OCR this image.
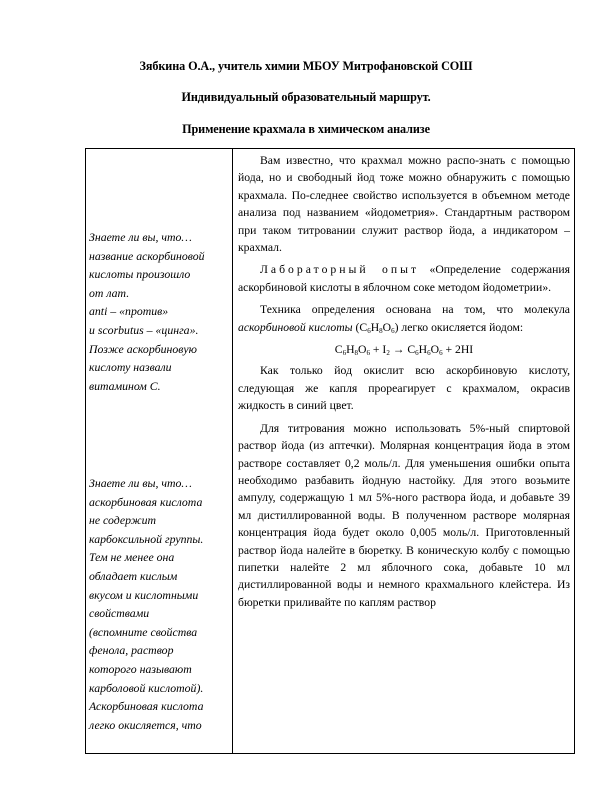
Зябкина О.А., учитель химии МБОУ Митрофановской СОШ
Индивидуальный образовательный маршрут.
Применение крахмала в химическом анализе
Знаете ли вы, что…
название аскорбиновой
кислоты произошло
от лат.
anti – «против»
и scorbutus – «цинга».
Позже аскорбиновую
кислоту назвали
витамином С.
Знаете ли вы, что…
аскорбиновая кислота
не содержит
карбоксильной группы.
Тем не менее она
обладает кислым
вкусом и кислотными
свойствами
(вспомните свойства
фенола, раствор
которого называют
карболовой кислотой).
Аскорбиновая кислота
легко окисляется, что

Вам известно, что крахмал можно распо-знать с помощью йода, но и свободный йод тоже можно обнаружить с помощью крахмала. По-следнее свойство используется в объемном методе анализа под названием «йодометрия». Стандартным раствором при таком титровании служит раствор йода, а индикатором – крахмал.

Лабораторный опыт «Определение содержания аскорбиновой кислоты в яблочном соке методом йодометрии».

Техника определения основана на том, что молекула аскорбиновой кислоты $(C_6H_8O_6)$ легко окисляется йодом:

$C_6H_8O_6 + I_2 \to C_6H_6O_6 + 2HI$

Как только йод окислит всю аскорбиновую кислоту, следующая же капля прореагирует с крахмалом, окрасив жидкость в синий цвет.

Для титрования можно использовать 5%-ный спиртовой раствор йода (из аптечки). Молярная концентрация йода в этом растворе составляет 0,2 моль/л. Для уменьшения ошибки опыта необходимо разбавить йодную настойку. Для этого возьмите ампулу, содержащую 1 мл 5%-ного раствора йода, и добавьте 39 мл дистиллированной воды. В полученном растворе молярная концентрация йода будет около 0,005 моль/л. Приготовленный раствор йода налейте в бюретку. В коническую колбу с помощью пипетки налейте 2 мл яблочного сока, добавьте 10 мл дистиллированной воды и немного крахмального клейстера. Из бюретки приливайте по каплям раствор
